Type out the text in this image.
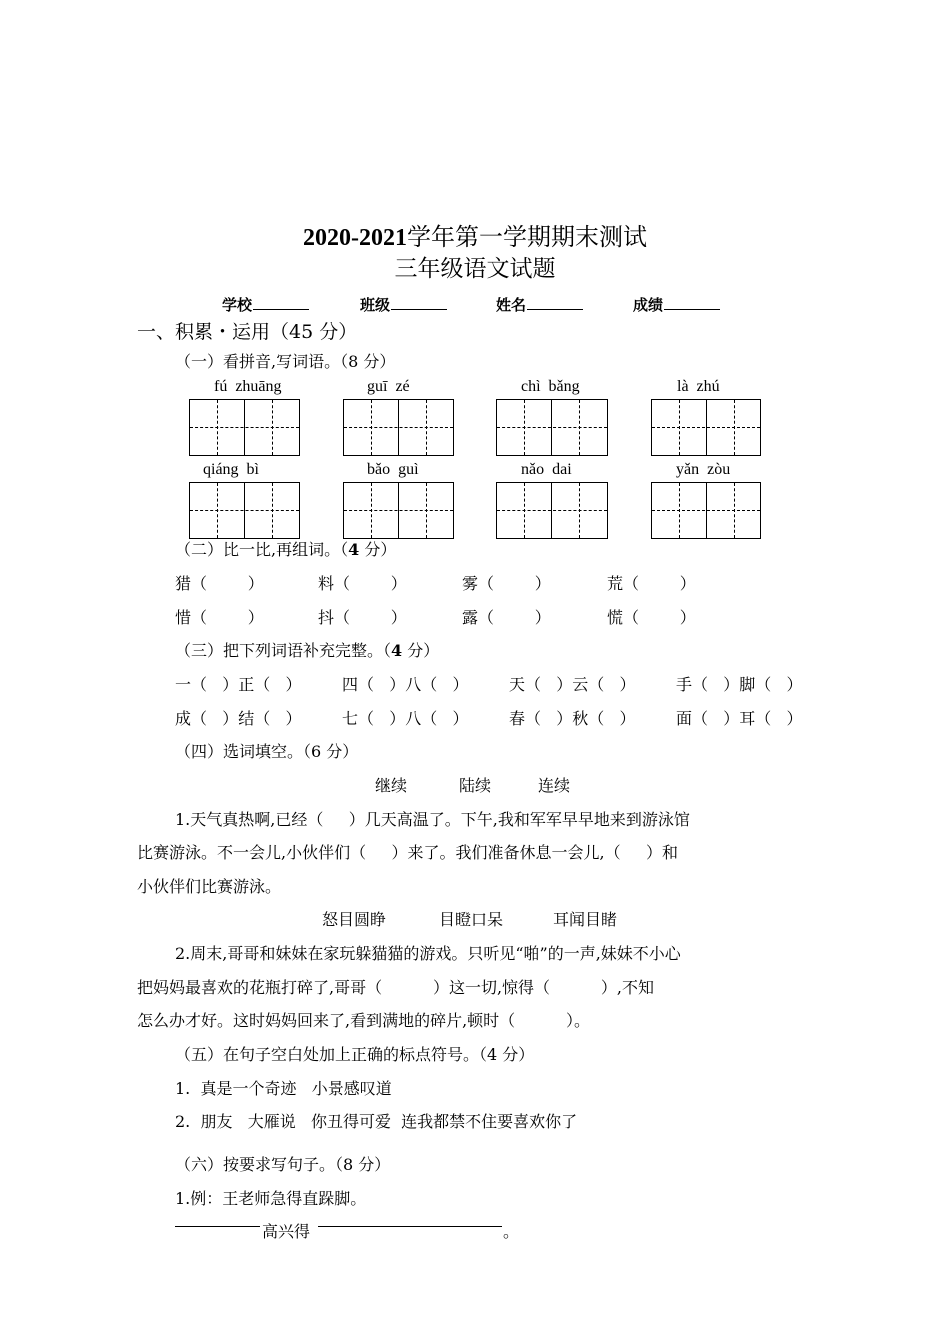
2020-2021学年第一学期期末测试
三年级语文试题
学校	班级	姓名	成绩
一、积累・运用（45 分）
（一）看拼音,写词语。（8 分）
fú  zhuāng	guī  zé	chì  bǎng	là  zhú
qiáng  bì	bǎo  guì	nǎo  dai	yǎn  zòu
（二）比一比,再组词。（4 分）
猎（        ）	料（        ）	雾（        ）	荒（        ）
惜（        ）	抖（        ）	露（        ）	慌（        ）
（三）把下列词语补充完整。（4 分）
一（   ）正（   ）	四（   ）八（   ）	天（   ）云（   ）	手（   ）脚（   ）
成（   ）结（   ）	七（   ）八（   ）	春（   ）秋（   ）	面（   ）耳（   ）
（四）选词填空。（6 分）
继续	陆续	连续
1.天气真热啊,已经（     ）几天高温了。下午,我和军军早早地来到游泳馆
比赛游泳。不一会儿,小伙伴们（     ）来了。我们准备休息一会儿,（     ）和
小伙伴们比赛游泳。
怒目圆睁	目瞪口呆	耳闻目睹
2.周末,哥哥和妹妹在家玩躲猫猫的游戏。只听见“啪”的一声,妹妹不小心
把妈妈最喜欢的花瓶打碎了,哥哥（          ）这一切,惊得（          ）,不知
怎么办才好。这时妈妈回来了,看到满地的碎片,顿时（          ）。
（五）在句子空白处加上正确的标点符号。（4 分）
1.  真是一个奇迹   小景感叹道
2.  朋友   大雁说   你丑得可爱  连我都禁不住要喜欢你了
（六）按要求写句子。（8 分）
1.例：王老师急得直跺脚。
高兴得	。
